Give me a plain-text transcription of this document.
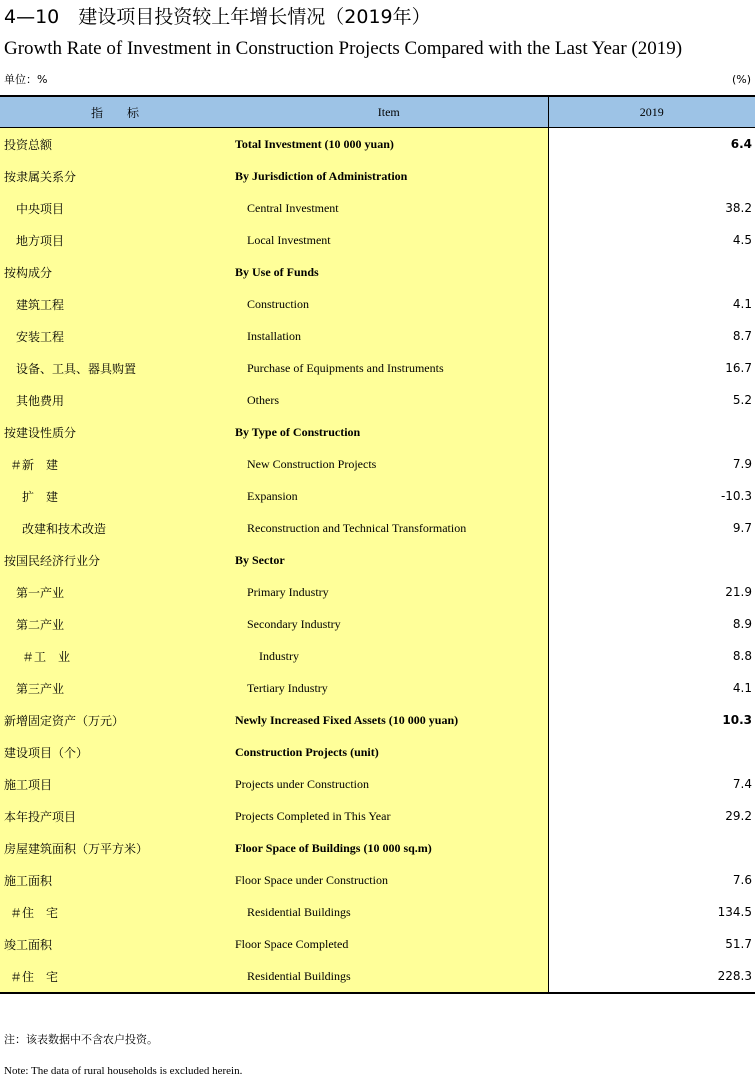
4—10　建设项目投资较上年增长情况（2019年）
Growth Rate of Investment in Construction Projects Compared with the Last Year (2019)
单位：%	(%)
指　　标	Item	2019
投资总额	Total Investment (10 000 yuan)	6.4
按隶属关系分	By Jurisdiction of Administration	
中央项目	Central Investment	38.2
地方项目	Local Investment	4.5
按构成分	By Use of Funds	
建筑工程	Construction	4.1
安装工程	Installation	8.7
设备、工具、器具购置	Purchase of Equipments and Instruments	16.7
其他费用	Others	5.2
按建设性质分	By Type of Construction	
＃新　建	New Construction Projects	7.9
扩　建	Expansion	-10.3
改建和技术改造	Reconstruction and Technical Transformation	9.7
按国民经济行业分	By Sector	
第一产业	Primary Industry	21.9
第二产业	Secondary Industry	8.9
＃工　业	Industry	8.8
第三产业	Tertiary Industry	4.1
新增固定资产（万元）	Newly Increased Fixed Assets (10 000 yuan)	10.3
建设项目（个）	Construction Projects (unit)	
施工项目	Projects under Construction	7.4
本年投产项目	Projects Completed in This Year	29.2
房屋建筑面积（万平方米）	Floor Space of Buildings (10 000 sq.m)	
施工面积	Floor Space under Construction	7.6
＃住　宅	Residential Buildings	134.5
竣工面积	Floor Space Completed	51.7
＃住　宅	Residential Buildings	228.3
注：该表数据中不含农户投资。
Note: The data of rural households is excluded herein.
